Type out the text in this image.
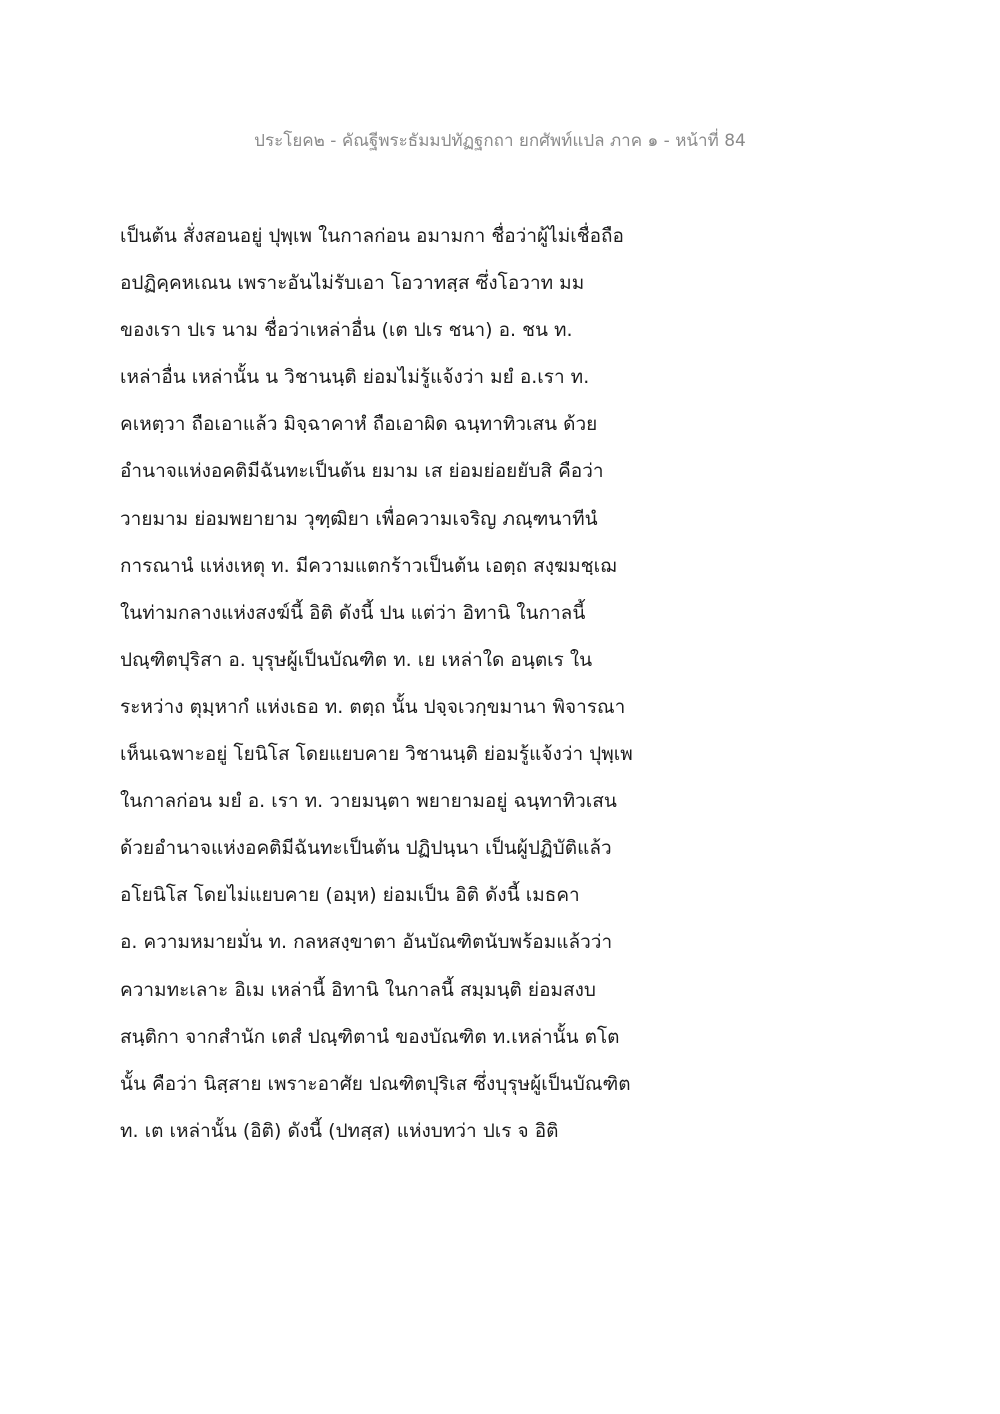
ประโยค๒ - คัณฐีพระธัมมปทัฏฐกถา ยกศัพท์แปล ภาค ๑ - หน้าที่ 84
เป็นต้น สั่งสอนอยู่ ปุพฺเพ ในกาลก่อน อมามกา ชื่อว่าผู้ไม่เชื่อถือ
อปฏิคฺคหเณน เพราะอันไม่รับเอา โอวาทสฺส ซึ่งโอวาท มม
ของเรา ปเร นาม ชื่อว่าเหล่าอื่น (เต ปเร ชนา) อ. ชน ท.
เหล่าอื่น เหล่านั้น น วิชานนฺติ ย่อมไม่รู้แจ้งว่า มยํ อ.เรา ท.
คเหตฺวา ถือเอาแล้ว มิจฺฉาคาหํ ถือเอาผิด ฉนฺทาทิวเสน ด้วย
อำนาจแห่งอคติมีฉันทะเป็นต้น ยมาม เส ย่อมย่อยยับสิ คือว่า
วายมาม ย่อมพยายาม วุฑฺฒิยา เพื่อความเจริญ ภณฺฑนาทีนํ
การณานํ แห่งเหตุ ท. มีความแตกร้าวเป็นต้น เอตฺถ สงฺฆมชฺเฌ
ในท่ามกลางแห่งสงฆ์นี้ อิติ ดังนี้ ปน แต่ว่า อิทานิ ในกาลนี้
ปณฺฑิตปุริสา อ. บุรุษผู้เป็นบัณฑิต ท. เย เหล่าใด อนฺตเร ใน
ระหว่าง ตุมฺหากํ แห่งเธอ ท. ตตฺถ นั้น ปจฺจเวกฺขมานา พิจารณา
เห็นเฉพาะอยู่ โยนิโส โดยแยบคาย วิชานนฺติ ย่อมรู้แจ้งว่า ปุพฺเพ
ในกาลก่อน มยํ อ. เรา ท. วายมนฺตา พยายามอยู่ ฉนฺทาทิวเสน
ด้วยอำนาจแห่งอคติมีฉันทะเป็นต้น ปฏิปนฺนา เป็นผู้ปฏิบัติแล้ว
อโยนิโส โดยไม่แยบคาย (อมฺห) ย่อมเป็น อิติ ดังนี้ เมธคา
อ. ความหมายมั่น ท. กลหสงฺขาตา อันบัณฑิตนับพร้อมแล้วว่า
ความทะเลาะ อิเม เหล่านี้ อิทานิ ในกาลนี้ สมฺมนฺติ ย่อมสงบ
สนฺติกา จากสำนัก เตสํ ปณฺฑิตานํ ของบัณฑิต ท.เหล่านั้น ตโต
นั้น คือว่า นิสฺสาย เพราะอาศัย ปณฑิตปุริเส ซึ่งบุรุษผู้เป็นบัณฑิต
ท. เต เหล่านั้น (อิติ) ดังนี้ (ปทสฺส) แห่งบทว่า ปเร จ อิติ
